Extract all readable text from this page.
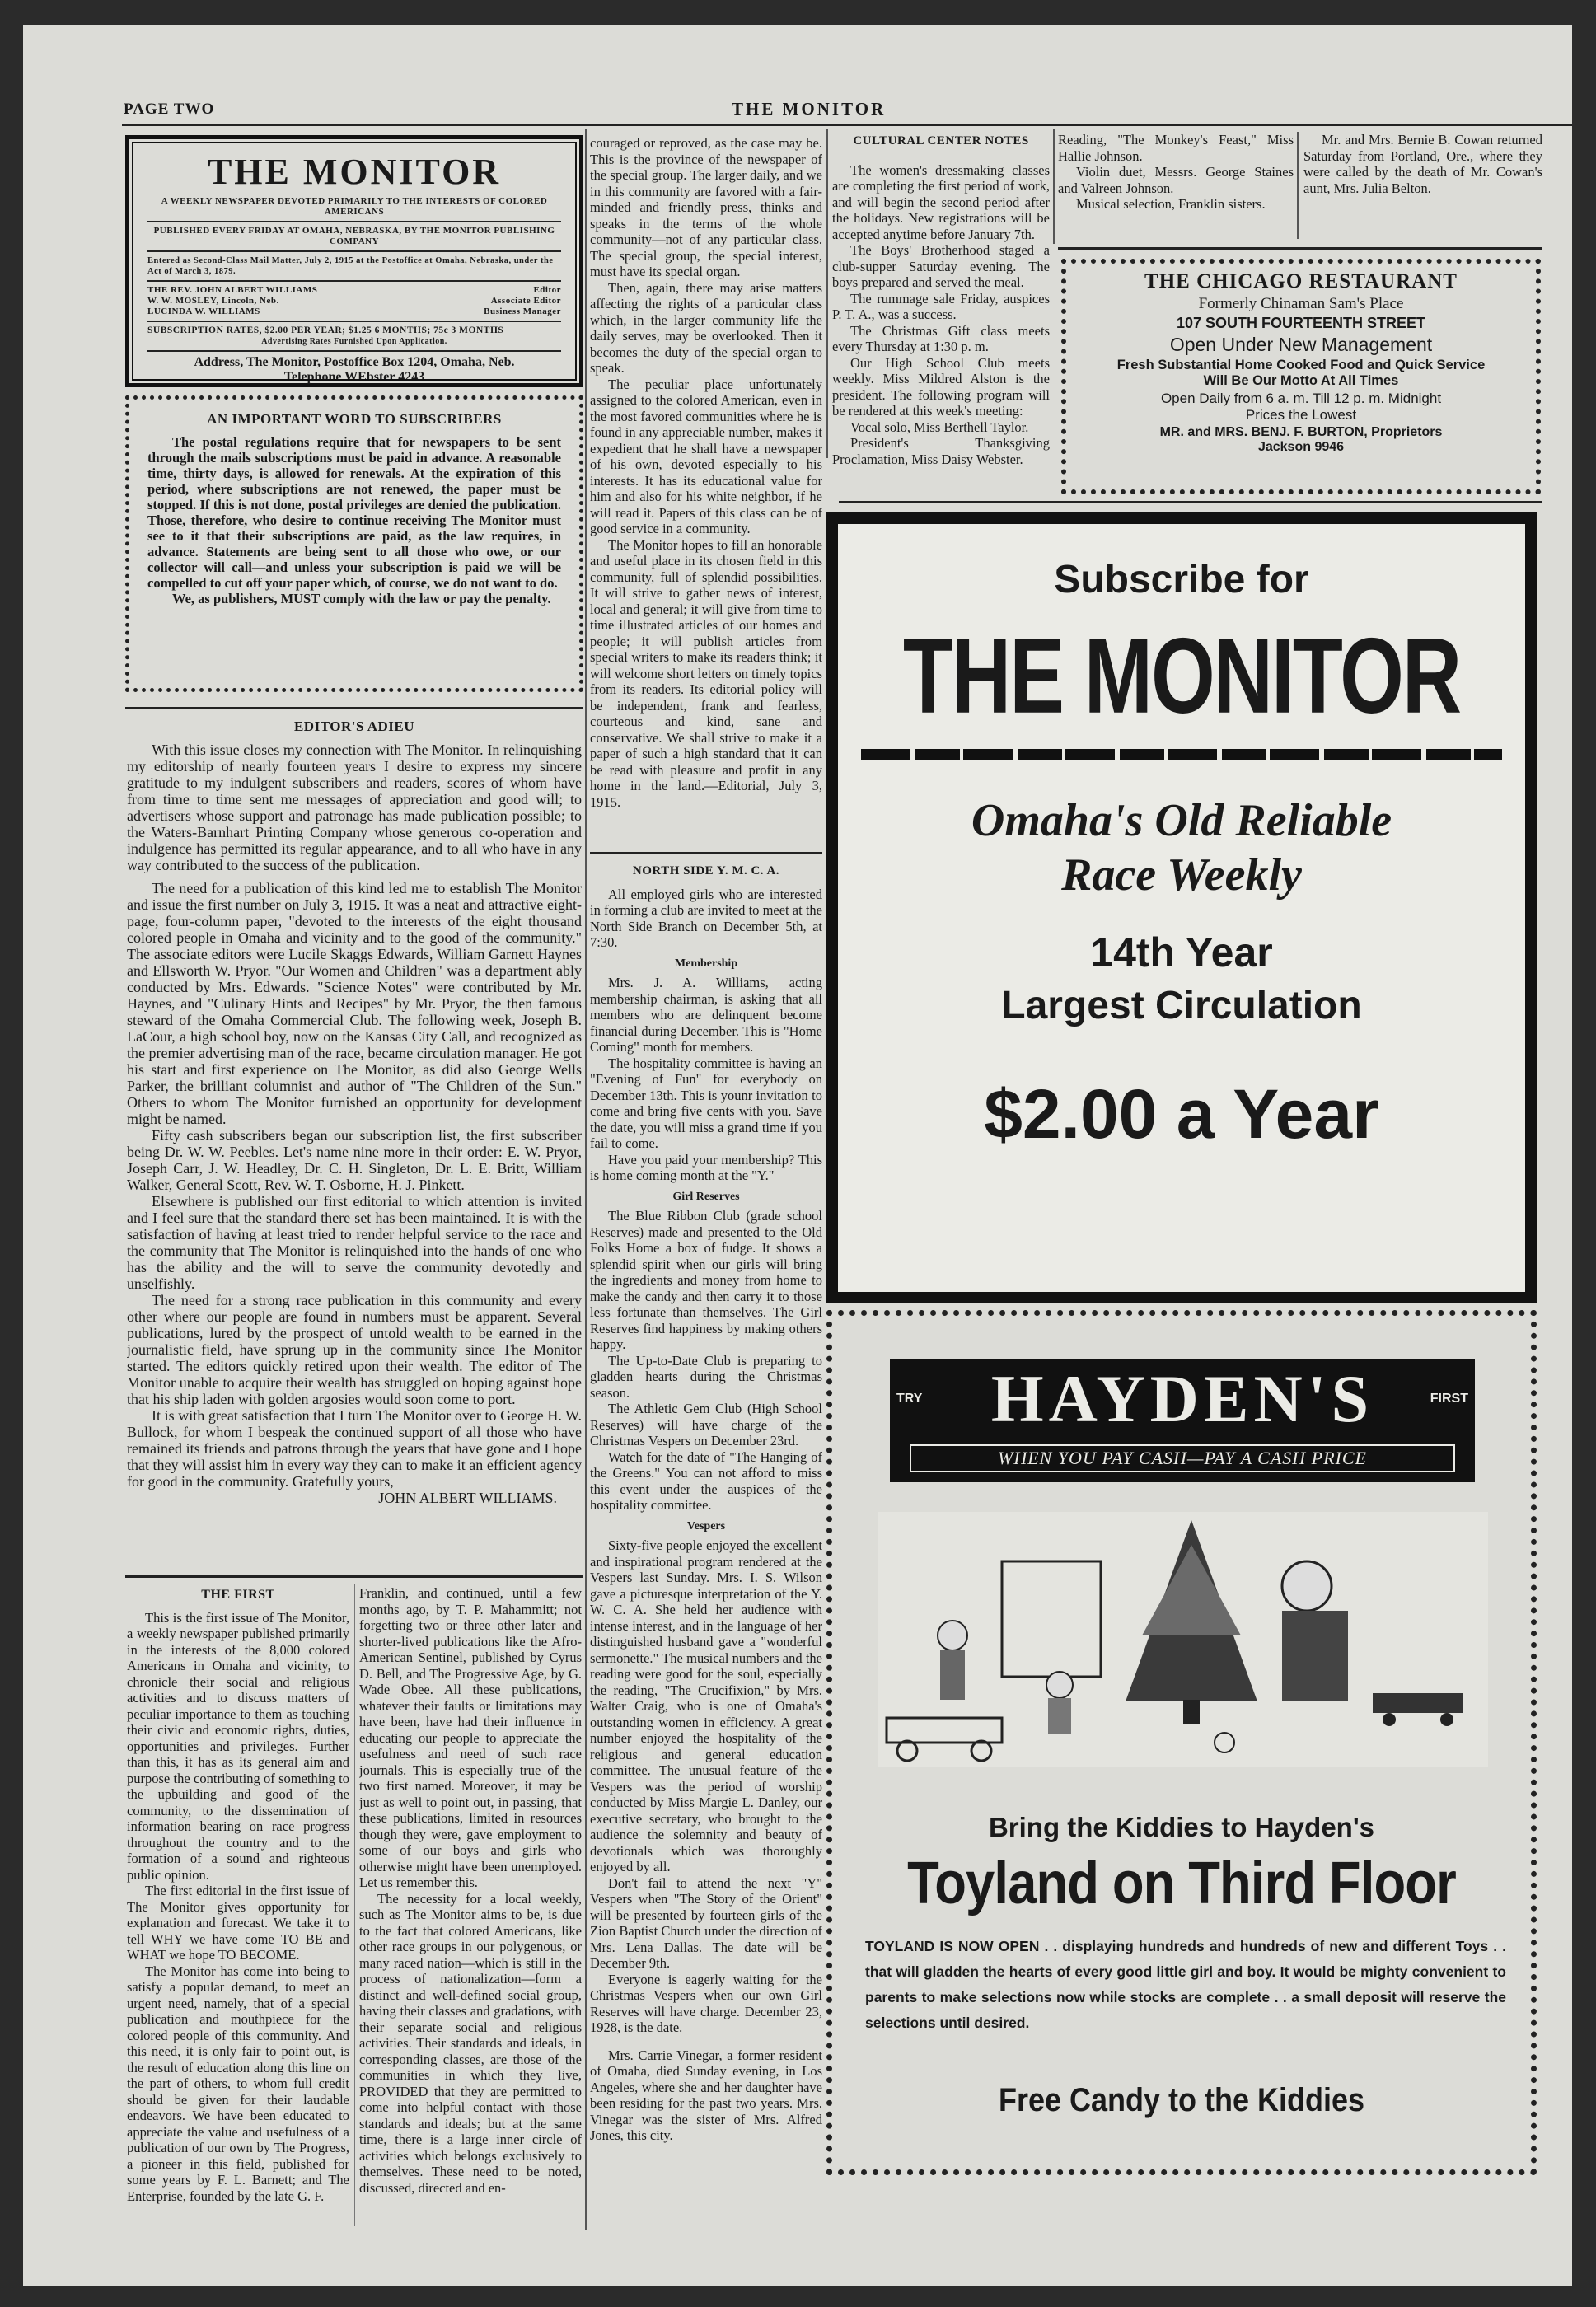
PAGE TWO	THE MONITOR
THE MONITOR
A WEEKLY NEWSPAPER DEVOTED PRIMARILY TO THE INTERESTS OF COLORED AMERICANS
PUBLISHED EVERY FRIDAY AT OMAHA, NEBRASKA, BY THE MONITOR PUBLISHING COMPANY
Entered as Second-Class Mail Matter, July 2, 1915 at the Postoffice at Omaha, Nebraska, under the Act of March 3, 1879.
THE REV. JOHN ALBERT WILLIAMS	Editor
W. W. MOSLEY, Lincoln, Neb.	Associate Editor
LUCINDA W. WILLIAMS	Business Manager
SUBSCRIPTION RATES, $2.00 PER YEAR; $1.25 6 MONTHS; 75c 3 MONTHS
Advertising Rates Furnished Upon Application.
Address, The Monitor, Postoffice Box 1204, Omaha, Neb.
Telephone WEbster 4243
AN IMPORTANT WORD TO SUBSCRIBERS
The postal regulations require that for newspapers to be sent through the mails subscriptions must be paid in advance. A reasonable time, thirty days, is allowed for renewals. At the expiration of this period, where subscriptions are not renewed, the paper must be stopped. If this is not done, postal privileges are denied the publication. Those, therefore, who desire to continue receiving The Monitor must see to it that their subscriptions are paid, as the law requires, in advance. Statements are being sent to all those who owe, or our collector will call—and unless your subscription is paid we will be compelled to cut off your paper which, of course, we do not want to do.
We, as publishers, MUST comply with the law or pay the penalty.
EDITOR'S ADIEU

With this issue closes my connection with The Monitor. In relinquishing my editorship of nearly fourteen years I desire to express my sincere gratitude to my indulgent subscribers and readers, scores of whom have from time to time sent me messages of appreciation and good will; to advertisers whose support and patronage has made publication possible; to the Waters-Barnhart Printing Company whose generous co-operation and indulgence has permitted its regular appearance, and to all who have in any way contributed to the success of the publication.

The need for a publication of this kind led me to establish The Monitor and issue the first number on July 3, 1915. It was a neat and attractive eight-page, four-column paper, "devoted to the interests of the eight thousand colored people in Omaha and vicinity and to the good of the community." The associate editors were Lucile Skaggs Edwards, William Garnett Haynes and Ellsworth W. Pryor. "Our Women and Children" was a department ably conducted by Mrs. Edwards. "Science Notes" were contributed by Mr. Haynes, and "Culinary Hints and Recipes" by Mr. Pryor, the then famous steward of the Omaha Commercial Club. The following week, Joseph B. LaCour, a high school boy, now on the Kansas City Call, and recognized as the premier advertising man of the race, became circulation manager. He got his start and first experience on The Monitor, as did also George Wells Parker, the brilliant columnist and author of "The Children of the Sun." Others to whom The Monitor furnished an opportunity for development might be named.

Fifty cash subscribers began our subscription list, the first subscriber being Dr. W. W. Peebles. Let's name nine more in their order: E. W. Pryor, Joseph Carr, J. W. Headley, Dr. C. H. Singleton, Dr. L. E. Britt, William Walker, General Scott, Rev. W. T. Osborne, H. J. Pinkett.

Elsewhere is published our first editorial to which attention is invited and I feel sure that the standard there set has been maintained. It is with the satisfaction of having at least tried to render helpful service to the race and the community that The Monitor is relinquished into the hands of one who has the ability and the will to serve the community devotedly and unselfishly.

The need for a strong race publication in this community and every other where our people are found in numbers must be apparent. Several publications, lured by the prospect of untold wealth to be earned in the journalistic field, have sprung up in the community since The Monitor started. The editors quickly retired upon their wealth. The editor of The Monitor unable to acquire their wealth has struggled on hoping against hope that his ship laden with golden argosies would soon come to port.

It is with great satisfaction that I turn The Monitor over to George H. W. Bullock, for whom I bespeak the continued support of all those who have remained its friends and patrons through the years that have gone and I hope that they will assist him in every way they can to make it an efficient agency for good in the community. Gratefully yours,

JOHN ALBERT WILLIAMS.

THE FIRST

This is the first issue of The Monitor, a weekly newspaper published primarily in the interests of the 8,000 colored Americans in Omaha and vicinity, to chronicle their social and religious activities and to discuss matters of peculiar importance to them as touching their civic and economic rights, duties, opportunities and privileges. Further than this, it has as its general aim and purpose the contributing of something to the upbuilding and good of the community, to the dissemination of information bearing on race progress throughout the country and to the formation of a sound and righteous public opinion.

The first editorial in the first issue of The Monitor gives opportunity for explanation and forecast. We take it to tell WHY we have come TO BE and WHAT we hope TO BECOME.

The Monitor has come into being to satisfy a popular demand, to meet an urgent need, namely, that of a special publication and mouthpiece for the colored people of this community. And this need, it is only fair to point out, is the result of education along this line on the part of others, to whom full credit should be given for their laudable endeavors. We have been educated to appreciate the value and usefulness of a publication of our own by The Progress, a pioneer in this field, published for some years by F. L. Barnett; and The Enterprise, founded by the late G. F.

Franklin, and continued, until a few months ago, by T. P. Mahammitt; not forgetting two or three other later and shorter-lived publications like the Afro-American Sentinel, published by Cyrus D. Bell, and The Progressive Age, by G. Wade Obee. All these publications, whatever their faults or limitations may have been, have had their influence in educating our people to appreciate the usefulness and need of such race journals. This is especially true of the two first named. Moreover, it may be just as well to point out, in passing, that these publications, limited in resources though they were, gave employment to some of our boys and girls who otherwise might have been unemployed. Let us remember this.

The necessity for a local weekly, such as The Monitor aims to be, is due to the fact that colored Americans, like other race groups in our polygenous, or many raced nation—which is still in the process of nationalization—form a distinct and well-defined social group, having their classes and gradations, with their separate social and religious activities. Their standards and ideals, in corresponding classes, are those of the communities in which they live, PROVIDED that they are permitted to come into helpful contact with those standards and ideals; but at the same time, there is a large inner circle of activities which belongs exclusively to themselves. These need to be noted, discussed, directed and en-

couraged or reproved, as the case may be. This is the province of the newspaper of the special group. The larger daily, and we in this community are favored with a fair-minded and friendly press, thinks and speaks in the terms of the whole community—not of any particular class. The special group, the special interest, must have its special organ.

Then, again, there may arise matters affecting the rights of a particular class which, in the larger community life the daily serves, may be overlooked. Then it becomes the duty of the special organ to speak.

The peculiar place unfortunately assigned to the colored American, even in the most favored communities where he is found in any appreciable number, makes it expedient that he shall have a newspaper of his own, devoted especially to his interests. It has its educational value for him and also for his white neighbor, if he will read it. Papers of this class can be of good service in a community.

The Monitor hopes to fill an honorable and useful place in its chosen field in this community, full of splendid possibilities. It will strive to gather news of interest, local and general; it will give from time to time illustrated articles of our homes and people; it will publish articles from special writers to make its readers think; it will welcome short letters on timely topics from its readers. Its editorial policy will be independent, frank and fearless, courteous and kind, sane and conservative. We shall strive to make it a paper of such a high standard that it can be read with pleasure and profit in any home in the land.—Editorial, July 3, 1915.

NORTH SIDE Y. M. C. A.

All employed girls who are interested in forming a club are invited to meet at the North Side Branch on December 5th, at 7:30.

Membership

Mrs. J. A. Williams, acting membership chairman, is asking that all members who are delinquent become financial during December. This is "Home Coming" month for members.

The hospitality committee is having an "Evening of Fun" for everybody on December 13th. This is younr invitation to come and bring five cents with you. Save the date, you will miss a grand time if you fail to come.

Have you paid your membership? This is home coming month at the "Y."

Girl Reserves

The Blue Ribbon Club (grade school Reserves) made and presented to the Old Folks Home a box of fudge. It shows a splendid spirit when our girls will bring the ingredients and money from home to make the candy and then carry it to those less fortunate than themselves. The Girl Reserves find happiness by making others happy.

The Up-to-Date Club is preparing to gladden hearts during the Christmas season.

The Athletic Gem Club (High School Reserves) will have charge of the Christmas Vespers on December 23rd.

Watch for the date of "The Hanging of the Greens." You can not afford to miss this event under the auspices of the hospitality committee.

Vespers

Sixty-five people enjoyed the excellent and inspirational program rendered at the Vespers last Sunday. Mrs. I. S. Wilson gave a picturesque interpretation of the Y. W. C. A. She held her audience with intense interest, and in the language of her distinguished husband gave a "wonderful sermonette." The musical numbers and the reading were good for the soul, especially the reading, "The Crucifixion," by Mrs. Walter Craig, who is one of Omaha's outstanding women in efficiency. A great number enjoyed the hospitality of the religious and general education committee. The unusual feature of the Vespers was the period of worship conducted by Miss Margie L. Danley, our executive secretary, who brought to the audience the solemnity and beauty of devotionals which was thoroughly enjoyed by all.

Don't fail to attend the next "Y" Vespers when "The Story of the Orient" will be presented by fourteen girls of the Zion Baptist Church under the direction of Mrs. Lena Dallas. The date will be December 9th.

Everyone is eagerly waiting for the Christmas Vespers when our own Girl Reserves will have charge. December 23, 1928, is the date.

Mrs. Carrie Vinegar, a former resident of Omaha, died Sunday evening, in Los Angeles, where she and her daughter have been residing for the past two years. Mrs. Vinegar was the sister of Mrs. Alfred Jones, this city.

CULTURAL CENTER NOTES

The women's dressmaking classes are completing the first period of work, and will begin the second period after the holidays. New registrations will be accepted anytime before January 7th.

The Boys' Brotherhood staged a club-supper Saturday evening. The boys prepared and served the meal.

The rummage sale Friday, auspices P. T. A., was a success.

The Christmas Gift class meets every Thursday at 1:30 p. m.

Our High School Club meets weekly. Miss Mildred Alston is the president. The following program will be rendered at this week's meeting:

Vocal solo, Miss Berthell Taylor.

President's Thanksgiving Proclamation, Miss Daisy Webster.

Reading, "The Monkey's Feast," Miss Hallie Johnson.

Violin duet, Messrs. George Staines and Valreen Johnson.

Musical selection, Franklin sisters.

Mr. and Mrs. Bernie B. Cowan returned Saturday from Portland, Ore., where they were called by the death of Mr. Cowan's aunt, Mrs. Julia Belton.

THE CHICAGO RESTAURANT
Formerly Chinaman Sam's Place
107 SOUTH FOURTEENTH STREET
Open Under New Management
Fresh Substantial Home Cooked Food and Quick Service
Will Be Our Motto At All Times
Open Daily from 6 a. m. Till 12 p. m. Midnight
Prices the Lowest
MR. and MRS. BENJ. F. BURTON, Proprietors
Jackson 9946
Subscribe for
THE MONITOR
Omaha's Old Reliable
Race Weekly
14th Year
Largest Circulation
$2.00 a Year
TRY	HAYDEN'S	FIRST
WHEN YOU PAY CASH—PAY A CASH PRICE
Bring the Kiddies to Hayden's
Toyland on Third Floor
TOYLAND IS NOW OPEN . . displaying hundreds and hundreds of new and different Toys . . that will gladden the hearts of every good little girl and boy. It would be mighty convenient to parents to make selections now while stocks are complete . . a small deposit will reserve the selections until desired.
Free Candy to the Kiddies
